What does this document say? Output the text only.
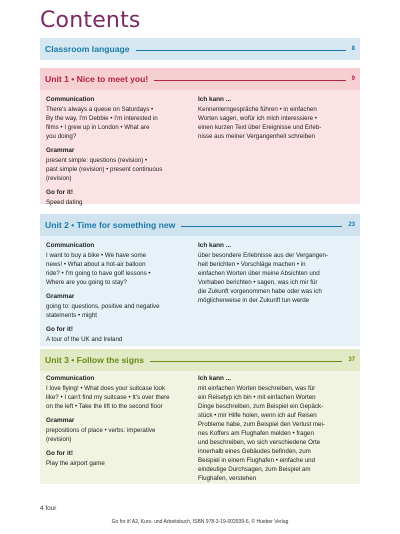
Contents
Classroom language	8
Unit 1 • Nice to meet you!	9
Communication
There's always a queue on Saturdays •
By the way, I'm Debbie • I'm interested in
films • I grew up in London • What are
you doing?
Grammar
present simple: questions (revision) •
past simple (revision) • present continuous
(revision)
Go for it!
Speed dating
Ich kann ...
Kennenlerngespräche führen • in einfachen
Worten sagen, wofür ich mich interessiere •
einen kurzen Text über Ereignisse und Erleb-
nisse aus meiner Vergangenheit schreiben
Unit 2 • Time for something new	23
Communication
I want to buy a bike • We have some
news! • What about a hot-air balloon
ride? • I'm going to have golf lessons •
Where are you going to stay?
Grammar
going to: questions, positive and negative
statements • might
Go for it!
A tour of the UK and Ireland
Ich kann ...
über besondere Erlebnisse aus der Vergangen-
heit berichten • Vorschläge machen • in
einfachen Worten über meine Absichten und
Vorhaben berichten • sagen, was ich mir für
die Zukunft vorgenommen habe oder was ich
möglicherweise in der Zukunft tun werde
Unit 3 • Follow the signs	37
Communication
I love flying! • What does your suitcase look
like? • I can't find my suitcase • It's over there
on the left • Take the lift to the second floor
Grammar
prepositions of place • verbs: imperative
(revision)
Go for it!
Play the airport game
Ich kann ...
mit einfachen Worten beschreiben, was für
ein Reisetyp ich bin • mit einfachen Worten
Dinge beschreiben, zum Beispiel ein Gepäck-
stück • mir Hilfe holen, wenn ich auf Reisen
Probleme habe, zum Beispiel den Verlust mei-
nes Koffers am Flughafen melden • fragen
und beschreiben, wo sich verschiedene Orte
innerhalb eines Gebäudes befinden, zum
Beispiel in einem Flughafen • einfache und
eindeutige Durchsagen, zum Beispiel am
Flughafen, verstehen
4 four
Go for it! A2, Kurs- und Arbeitsbuch, ISBN 978-3-19-002939-6, © Hueber Verlag
